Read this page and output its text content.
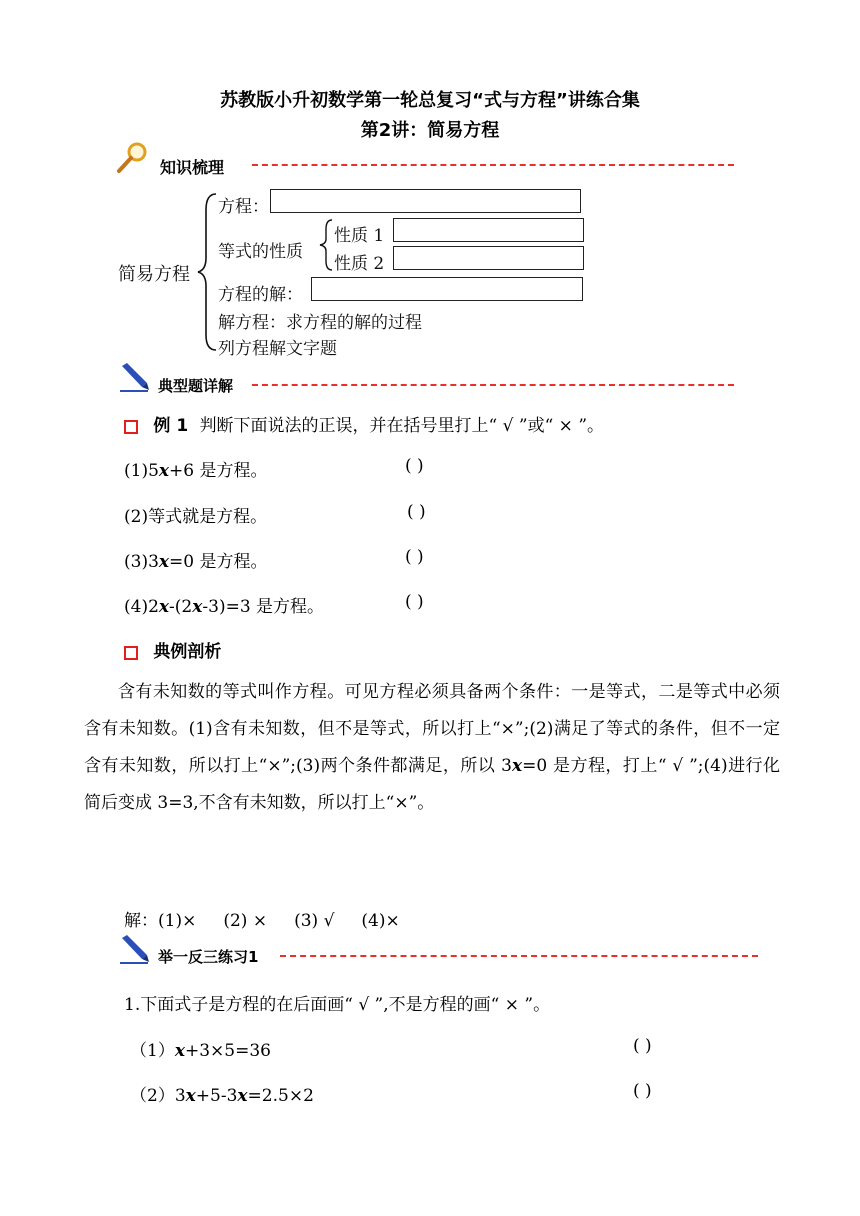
苏教版小升初数学第一轮总复习“式与方程”讲练合集
第2讲：简易方程
知识梳理
简易方程
方程：
等式的性质
性质 1
性质 2
方程的解：
解方程：求方程的解的过程
列方程解文字题
典型题详解
例 1 判断下面说法的正误，并在括号里打上“ √ ”或“ × ”。
(1)5x+6 是方程。	( )
(2)等式就是方程。	( )
(3)3x=0 是方程。	( )
(4)2x-(2x-3)=3 是方程。	( )
典例剖析
含有未知数的等式叫作方程。可见方程必须具备两个条件：一是等式，二是等式中必须含有未知数。(1)含有未知数，但不是等式，所以打上“×”;(2)满足了等式的条件，但不一定含有未知数，所以打上“×”;(3)两个条件都满足，所以 3x=0 是方程，打上“ √ ”;(4)进行化简后变成 3=3,不含有未知数，所以打上“×”。
解：(1)×     (2) ×     (3) √     (4)×
举一反三练习1
1.下面式子是方程的在后面画“ √ ”,不是方程的画“ × ”。
（1）x+3×5=36	( )
（2）3x+5-3x=2.5×2	( )
